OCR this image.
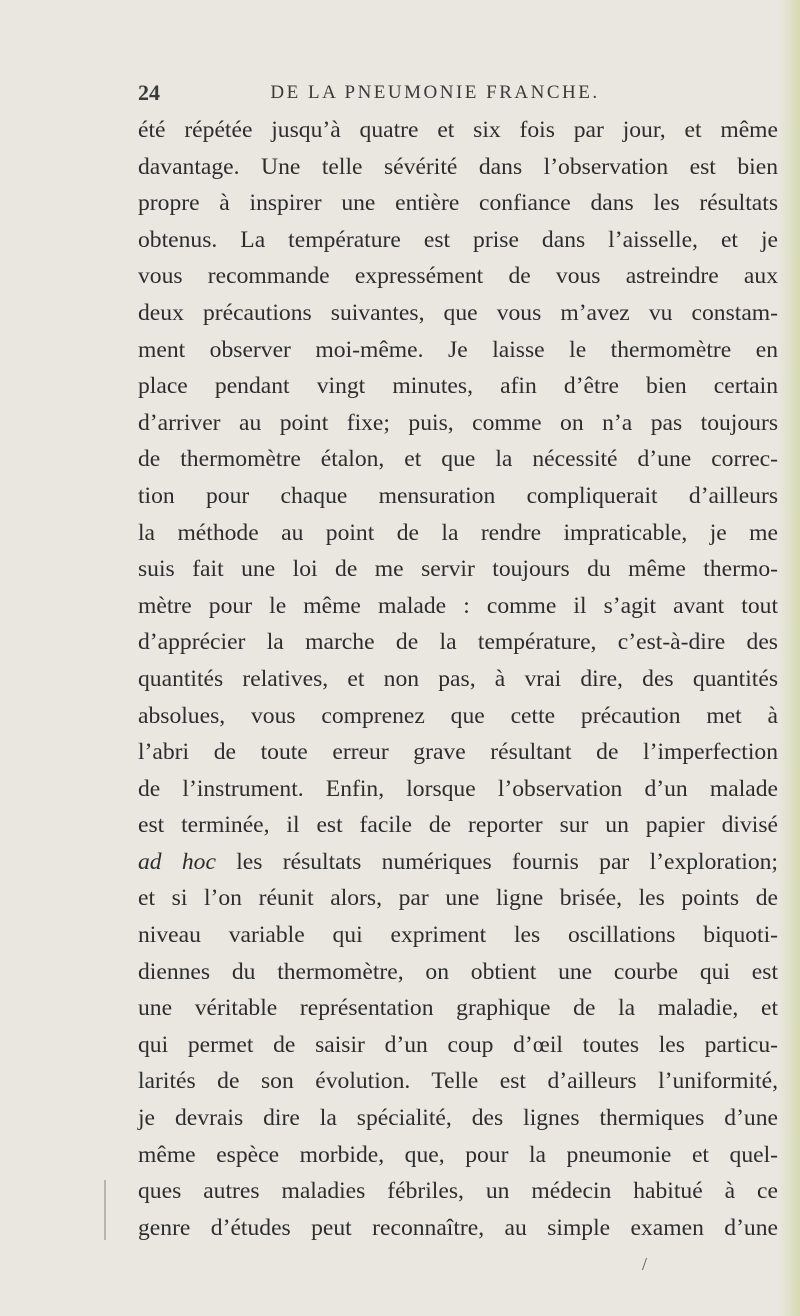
24	DE LA PNEUMONIE FRANCHE.
été répétée jusqu’à quatre et six fois par jour, et même
davantage. Une telle sévérité dans l’observation est bien
propre à inspirer une entière confiance dans les résultats
obtenus. La température est prise dans l’aisselle, et je
vous recommande expressément de vous astreindre aux
deux précautions suivantes, que vous m’avez vu constam-
ment observer moi-même. Je laisse le thermomètre en
place pendant vingt minutes, afin d’être bien certain
d’arriver au point fixe; puis, comme on n’a pas toujours
de thermomètre étalon, et que la nécessité d’une correc-
tion pour chaque mensuration compliquerait d’ailleurs
la méthode au point de la rendre impraticable, je me
suis fait une loi de me servir toujours du même thermo-
mètre pour le même malade : comme il s’agit avant tout
d’apprécier la marche de la température, c’est-à-dire des
quantités relatives, et non pas, à vrai dire, des quantités
absolues, vous comprenez que cette précaution met à
l’abri de toute erreur grave résultant de l’imperfection
de l’instrument. Enfin, lorsque l’observation d’un malade
est terminée, il est facile de reporter sur un papier divisé
ad hoc les résultats numériques fournis par l’exploration;
et si l’on réunit alors, par une ligne brisée, les points de
niveau variable qui expriment les oscillations biquoti-
diennes du thermomètre, on obtient une courbe qui est
une véritable représentation graphique de la maladie, et
qui permet de saisir d’un coup d’œil toutes les particu-
larités de son évolution. Telle est d’ailleurs l’uniformité,
je devrais dire la spécialité, des lignes thermiques d’une
même espèce morbide, que, pour la pneumonie et quel-
ques autres maladies fébriles, un médecin habitué à ce
genre d’études peut reconnaître, au simple examen d’une
/
